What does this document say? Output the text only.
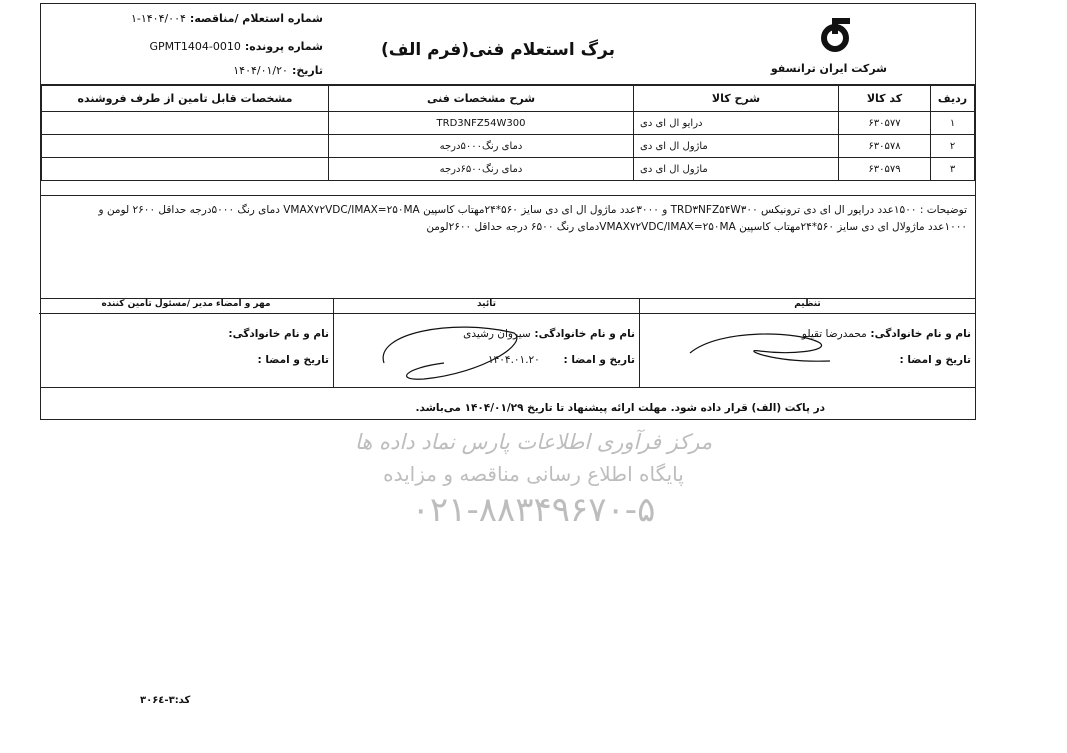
شرکت ایران ترانسفو
برگ استعلام فنی(فرم الف)
شماره استعلام /مناقصه:۱۴۰۴/۰۰۴-۱
شماره پرونده:GPMT1404-0010
تاریخ:۱۴۰۴/۰۱/۲۰
ردیف	کد کالا	شرح کالا	شرح مشخصات فنی	مشخصات قابل تامین از طرف فروشنده
۱	۶۳۰۵۷۷	درایو ال ای دی	TRD3NFZ54W300	
۲	۶۳۰۵۷۸	ماژول ال ای دی	دمای رنگ۵۰۰۰درجه	
۳	۶۳۰۵۷۹	ماژول ال ای دی	دمای رنگ۶۵۰۰درجه	
توضیحات : ۱۵۰۰عدد درایور ال ای دی ترونیکس TRD۳NFZ۵۴W۳۰۰ و ۳۰۰۰عدد ماژول ال ای دی سایز ۵۶۰*۲۴مهتاب کاسپین VMAX۷۲VDC/IMAX=۲۵۰MA دمای رنگ ۵۰۰۰درجه حداقل ۲۶۰۰ لومن و
۱۰۰۰عدد ماژولال ای دی سایز ۵۶۰*۲۴مهتاب کاسپین VMAX۷۲VDC/IMAX=۲۵۰MAدمای رنگ ۶۵۰۰ درجه حداقل ۲۶۰۰لومن
تنظیم
نام و نام خانوادگی: محمدرضا تقیلو
تاریخ و امضا :
تائید
نام و نام خانوادگی: سیروان رشیدی
تاریخ و امضا : ۱۴۰۴.۰۱.۲۰
مهر و امضاء مدیر /مسئول تامین کننده
نام و نام خانوادگی:
تاریخ و امضا :
در پاکت (الف) قرار داده شود. مهلت ارائه پیشنهاد تا تاریخ ۱۴۰۴/۰۱/۲۹ می‌باشد.
مرکز فرآوری اطلاعات پارس نماد داده ها
پایگاه اطلاع رسانی مناقصه و مزایده
۰۲۱-۸۸۳۴۹۶۷۰-۵
کد:۳-۳۰۶٤
